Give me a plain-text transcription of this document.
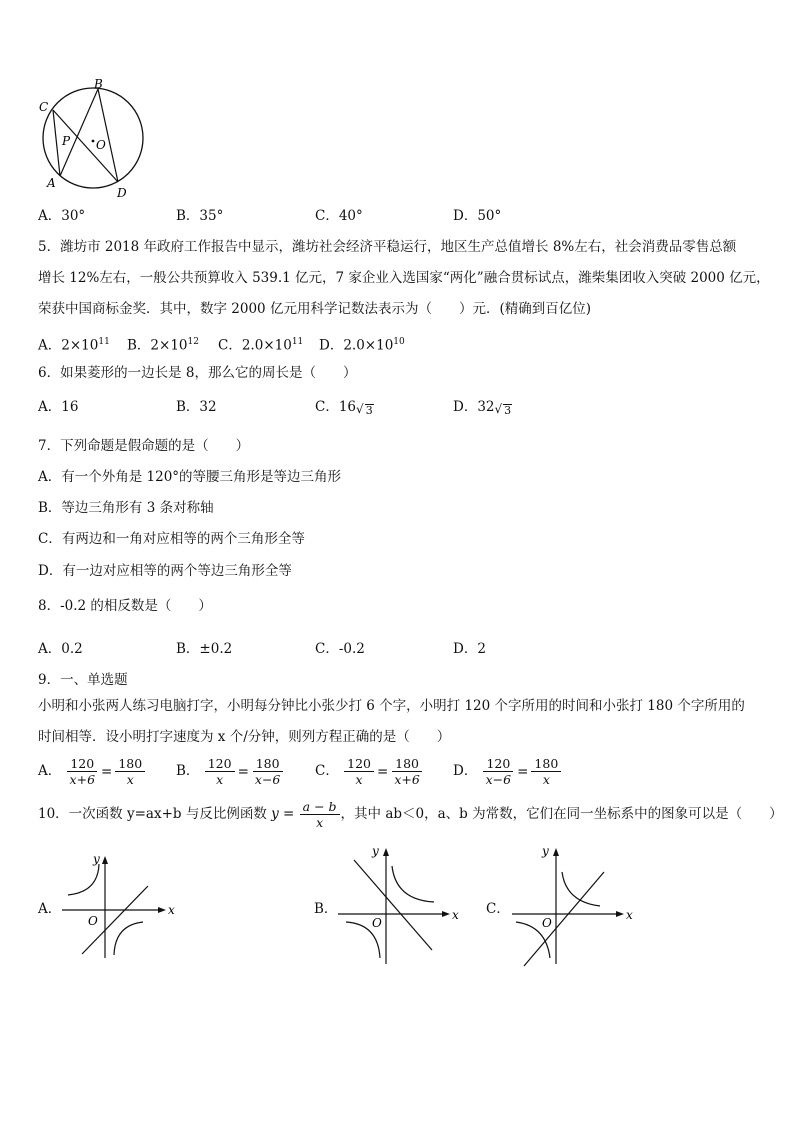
B
C
P O
A
D
A．30°	B．35°	C．40°	D．50°
5．潍坊市 2018 年政府工作报告中显示，潍坊社会经济平稳运行，地区生产总值增长 8%左右，社会消费品零售总额
增长 12%左右，一般公共预算收入 539.1 亿元，7 家企业入选国家“两化”融合贯标试点，潍柴集团收入突破 2000 亿元，
荣获中国商标金奖．其中，数字 2000 亿元用科学记数法表示为（　　）元．(精确到百亿位)
A．$2\times 10^{11}$ B．$2\times 10^{12}$ C．$2.0\times 10^{11}$ D．$2.0\times 10^{10}$
6．如果菱形的一边长是 8，那么它的周长是（　　）
A．16	B．32	C．16√ 3	D．32√ 3
7．下列命题是假命题的是（　　）
A．有一个外角是 120°的等腰三角形是等边三角形
B．等边三角形有 3 条对称轴
C．有两边和一角对应相等的两个三角形全等
D．有一边对应相等的两个等边三角形全等
8．-0.2 的相反数是（　　）
A．0.2	B．±0.2	C．-0.2	D．2
9．一、单选题
小明和小张两人练习电脑打字，小明每分钟比小张少打 6 个字，小明打 120 个字所用的时间和小张打 180 个字所用的
时间相等．设小明打字速度为 x 个/分钟，则列方程正确的是（　　）
A． $\frac{120}{x+6} = \frac{180}{x}$ B． $\frac{120}{x} = \frac{180}{x-6}$ C． $\frac{120}{x} = \frac{180}{x+6}$ D． $\frac{120}{x-6} = \frac{180}{x}$
10．一次函数 y=ax+b 与反比例函数 $y = \frac{a - b}{x}$ ，其中 ab＜0，a、b 为常数，它们在同一坐标系中的图象可以是（　　）
A．	x
y
O
B．	x
y
O
C．	x
y
O
